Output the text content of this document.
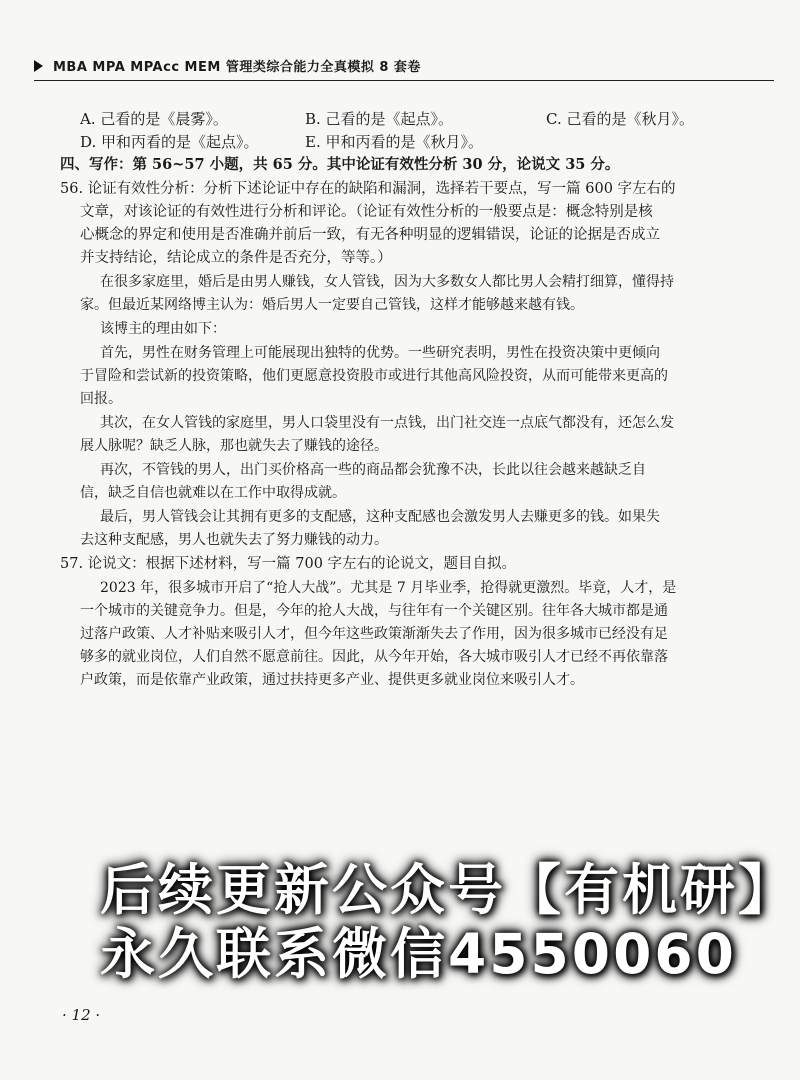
MBA MPA MPAcc MEM 管理类综合能力全真模拟 8 套卷
A. 己看的是《晨雾》。	B. 己看的是《起点》。	C. 己看的是《秋月》。
D. 甲和丙看的是《起点》。	E. 甲和丙看的是《秋月》。
四、写作：第 56~57 小题，共 65 分。其中论证有效性分析 30 分，论说文 35 分。
56. 论证有效性分析：分析下述论证中存在的缺陷和漏洞，选择若干要点，写一篇 600 字左右的
文章，对该论证的有效性进行分析和评论。（论证有效性分析的一般要点是：概念特别是核
心概念的界定和使用是否准确并前后一致，有无各种明显的逻辑错误，论证的论据是否成立
并支持结论，结论成立的条件是否充分，等等。）
在很多家庭里，婚后是由男人赚钱，女人管钱，因为大多数女人都比男人会精打细算，懂得持
家。但最近某网络博主认为：婚后男人一定要自己管钱，这样才能够越来越有钱。
该博主的理由如下：
首先，男性在财务管理上可能展现出独特的优势。一些研究表明，男性在投资决策中更倾向
于冒险和尝试新的投资策略，他们更愿意投资股市或进行其他高风险投资，从而可能带来更高的
回报。
其次，在女人管钱的家庭里，男人口袋里没有一点钱，出门社交连一点底气都没有，还怎么发
展人脉呢？缺乏人脉，那也就失去了赚钱的途径。
再次，不管钱的男人，出门买价格高一些的商品都会犹豫不决，长此以往会越来越缺乏自
信，缺乏自信也就难以在工作中取得成就。
最后，男人管钱会让其拥有更多的支配感，这种支配感也会激发男人去赚更多的钱。如果失
去这种支配感，男人也就失去了努力赚钱的动力。
57. 论说文：根据下述材料，写一篇 700 字左右的论说文，题目自拟。
2023 年，很多城市开启了“抢人大战”。尤其是 7 月毕业季，抢得就更激烈。毕竟，人才，是
一个城市的关键竞争力。但是，今年的抢人大战，与往年有一个关键区别。往年各大城市都是通
过落户政策、人才补贴来吸引人才，但今年这些政策渐渐失去了作用，因为很多城市已经没有足
够多的就业岗位，人们自然不愿意前往。因此，从今年开始，各大城市吸引人才已经不再依靠落
户政策，而是依靠产业政策，通过扶持更多产业、提供更多就业岗位来吸引人才。
后续更新公众号【有机研】
永久联系微信4550060
· 12 ·
